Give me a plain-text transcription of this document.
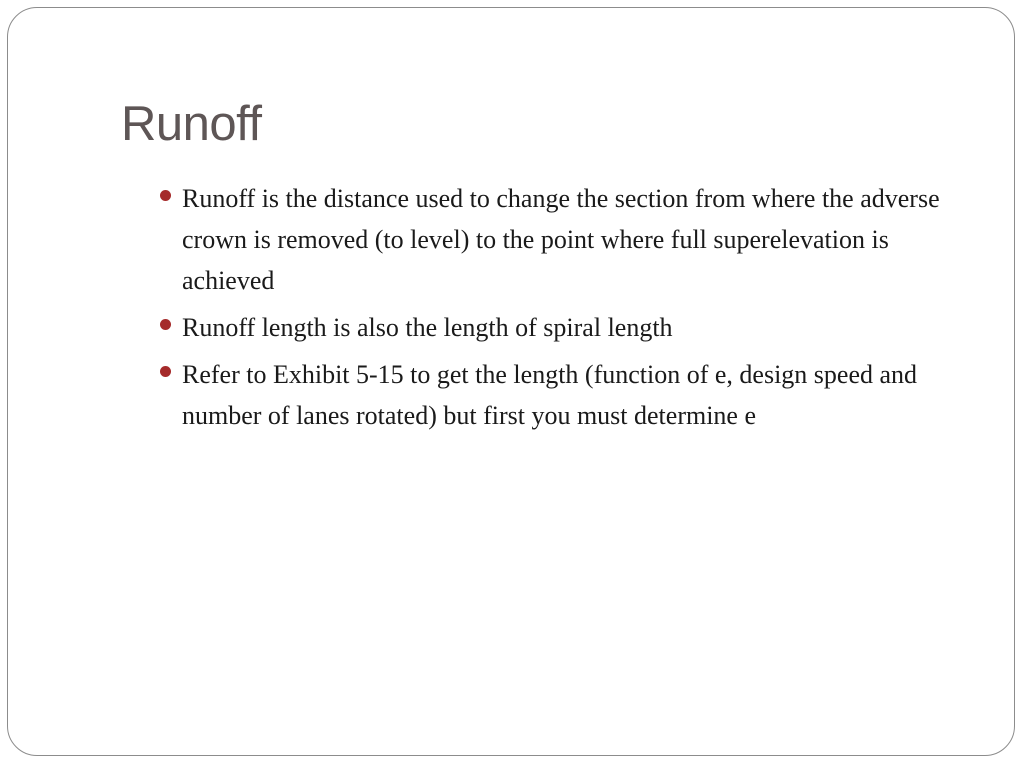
Runoff
Runoff is the distance used to change the section from where the adverse crown is removed (to level) to the point where full superelevation is achieved
Runoff length is also the length of spiral length
Refer to Exhibit 5-15 to get the length (function of e, design speed and number of lanes rotated) but first you must determine e
